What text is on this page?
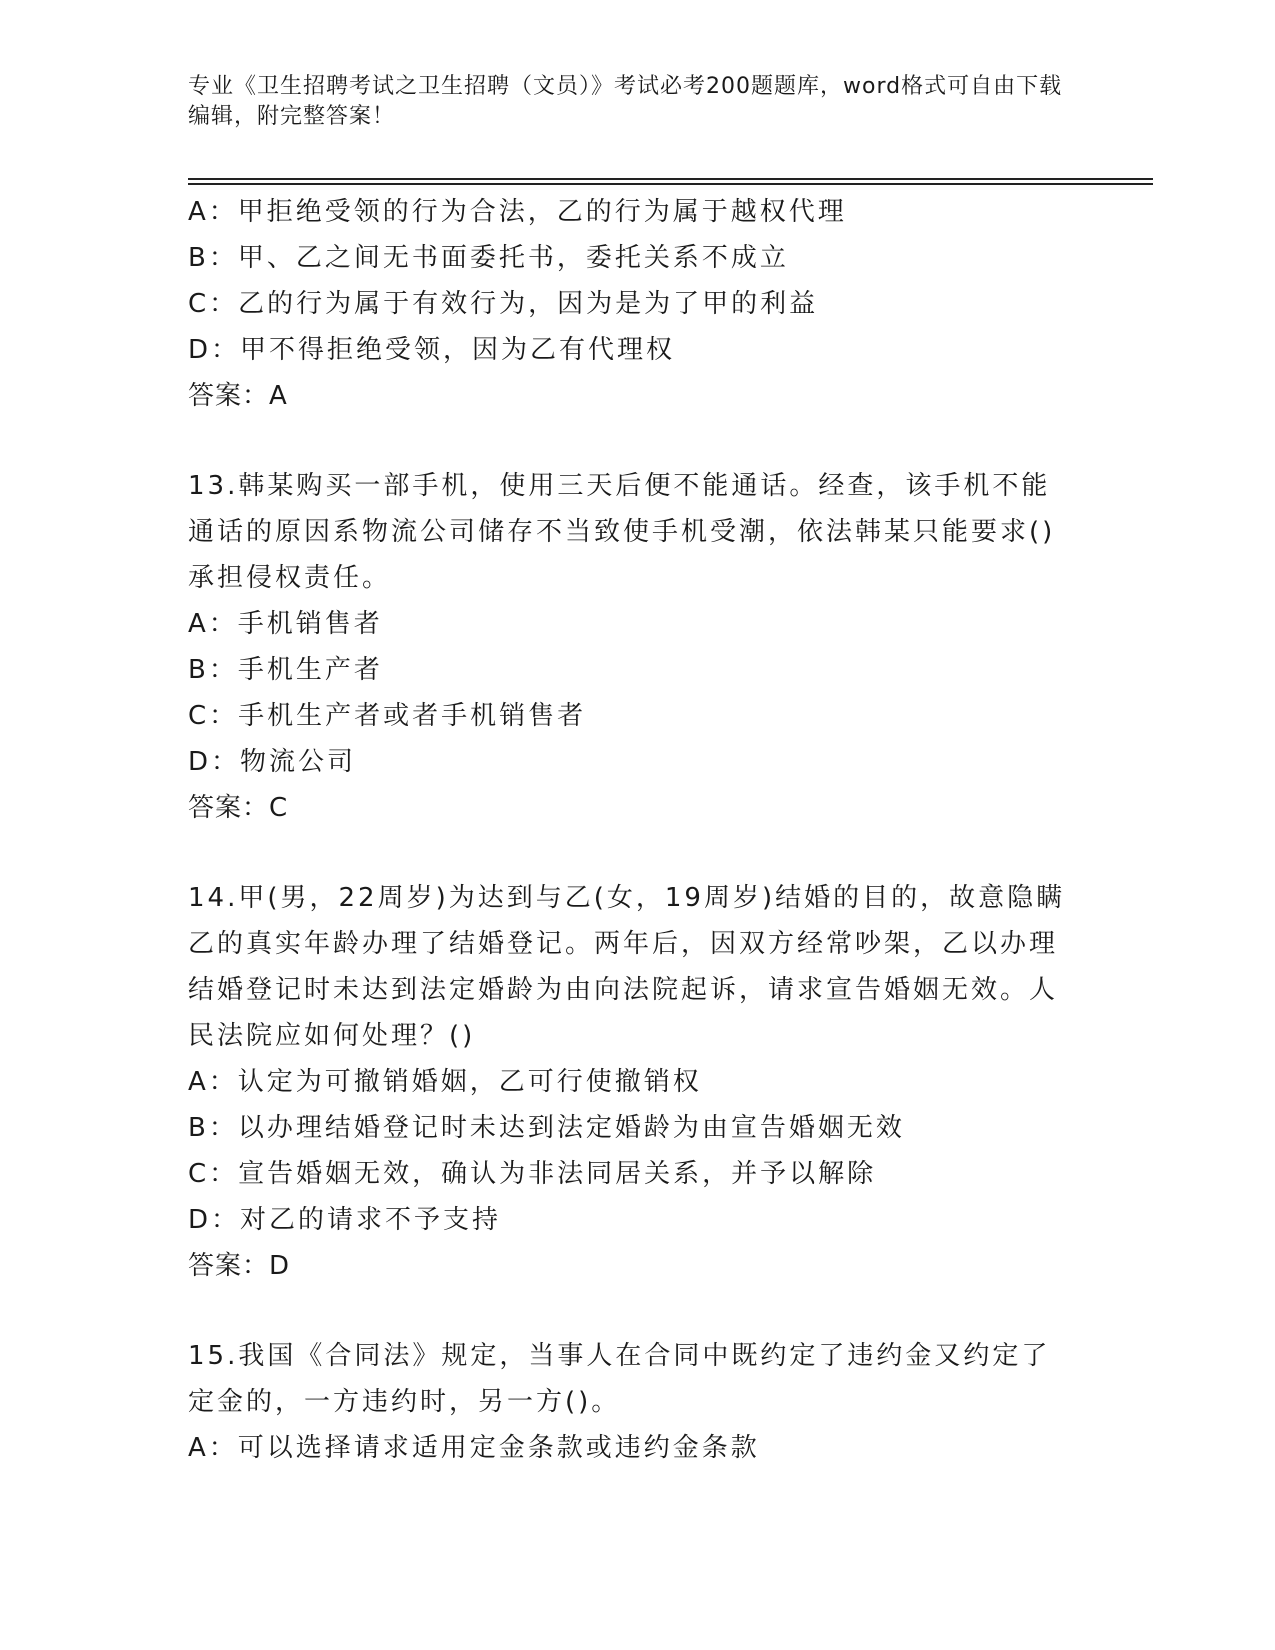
专业《卫生招聘考试之卫生招聘（文员）》考试必考200题题库，word格式可自由下载编辑，附完整答案！
A：甲拒绝受领的行为合法，乙的行为属于越权代理
B：甲、乙之间无书面委托书，委托关系不成立
C：乙的行为属于有效行为，因为是为了甲的利益
D：甲不得拒绝受领，因为乙有代理权
答案：A
13.韩某购买一部手机，使用三天后便不能通话。经查，该手机不能通话的原因系物流公司储存不当致使手机受潮，依法韩某只能要求()承担侵权责任。
A：手机销售者
B：手机生产者
C：手机生产者或者手机销售者
D：物流公司
答案：C
14.甲(男，22周岁)为达到与乙(女，19周岁)结婚的目的，故意隐瞒乙的真实年龄办理了结婚登记。两年后，因双方经常吵架，乙以办理结婚登记时未达到法定婚龄为由向法院起诉，请求宣告婚姻无效。人民法院应如何处理？()
A：认定为可撤销婚姻，乙可行使撤销权
B：以办理结婚登记时未达到法定婚龄为由宣告婚姻无效
C：宣告婚姻无效，确认为非法同居关系，并予以解除
D：对乙的请求不予支持
答案：D
15.我国《合同法》规定，当事人在合同中既约定了违约金又约定了定金的，一方违约时，另一方()。
A：可以选择请求适用定金条款或违约金条款
